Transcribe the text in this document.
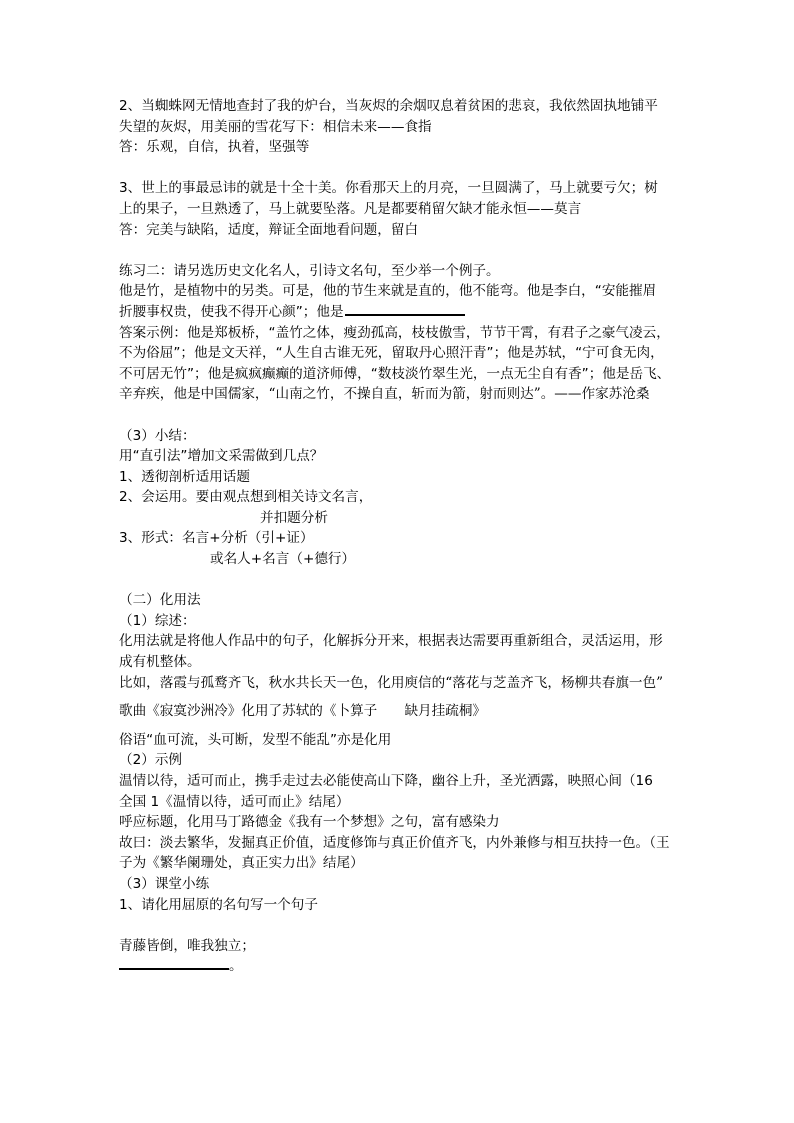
2、当蜘蛛网无情地查封了我的炉台，当灰烬的余烟叹息着贫困的悲哀，我依然固执地铺平
失望的灰烬，用美丽的雪花写下：相信未来——食指
答：乐观，自信，执着，坚强等
3、世上的事最忌讳的就是十全十美。你看那天上的月亮，一旦圆满了，马上就要亏欠；树
上的果子，一旦熟透了，马上就要坠落。凡是都要稍留欠缺才能永恒——莫言
答：完美与缺陷，适度，辩证全面地看问题，留白
练习二：请另选历史文化名人，引诗文名句，至少举一个例子。
他是竹，是植物中的另类。可是，他的节生来就是直的，他不能弯。他是李白，“安能摧眉
折腰事权贵，使我不得开心颜”；他是
答案示例：他是郑板桥，“盖竹之体，瘦劲孤高，枝枝傲雪，节节干霄，有君子之豪气凌云，
不为俗屈”；他是文天祥，“人生自古谁无死，留取丹心照汗青”；他是苏轼，“宁可食无肉，
不可居无竹”；他是疯疯癫癫的道济师傅，“数枝淡竹翠生光，一点无尘自有香”；他是岳飞、
辛弃疾，他是中国儒家，“山南之竹，不操自直，斩而为箭，射而则达”。——作家苏沧桑
（3）小结：
用“直引法”增加文采需做到几点？
1、透彻剖析适用话题
2、会运用。要由观点想到相关诗文名言，
并扣题分析
3、形式：名言+分析（引+证）
或名人+名言（+德行）
（二）化用法
（1）综述：
化用法就是将他人作品中的句子，化解拆分开来，根据表达需要再重新组合，灵活运用，形
成有机整体。
比如，落霞与孤鹜齐飞，秋水共长天一色，化用庾信的“落花与芝盖齐飞，杨柳共春旗一色”
歌曲《寂寞沙洲冷》化用了苏轼的《卜算子　　缺月挂疏桐》
俗语“血可流，头可断，发型不能乱”亦是化用
（2）示例
温情以待，适可而止，携手走过去必能使高山下降，幽谷上升，圣光洒露，映照心间（16
全国 1《温情以待，适可而止》结尾）
呼应标题，化用马丁路德金《我有一个梦想》之句，富有感染力
故曰：淡去繁华，发掘真正价值，适度修饰与真正价值齐飞，内外兼修与相互扶持一色。（王
子为《繁华阑珊处，真正实力出》结尾）
（3）课堂小练
1、请化用屈原的名句写一个句子
青藤皆倒，唯我独立；
。
